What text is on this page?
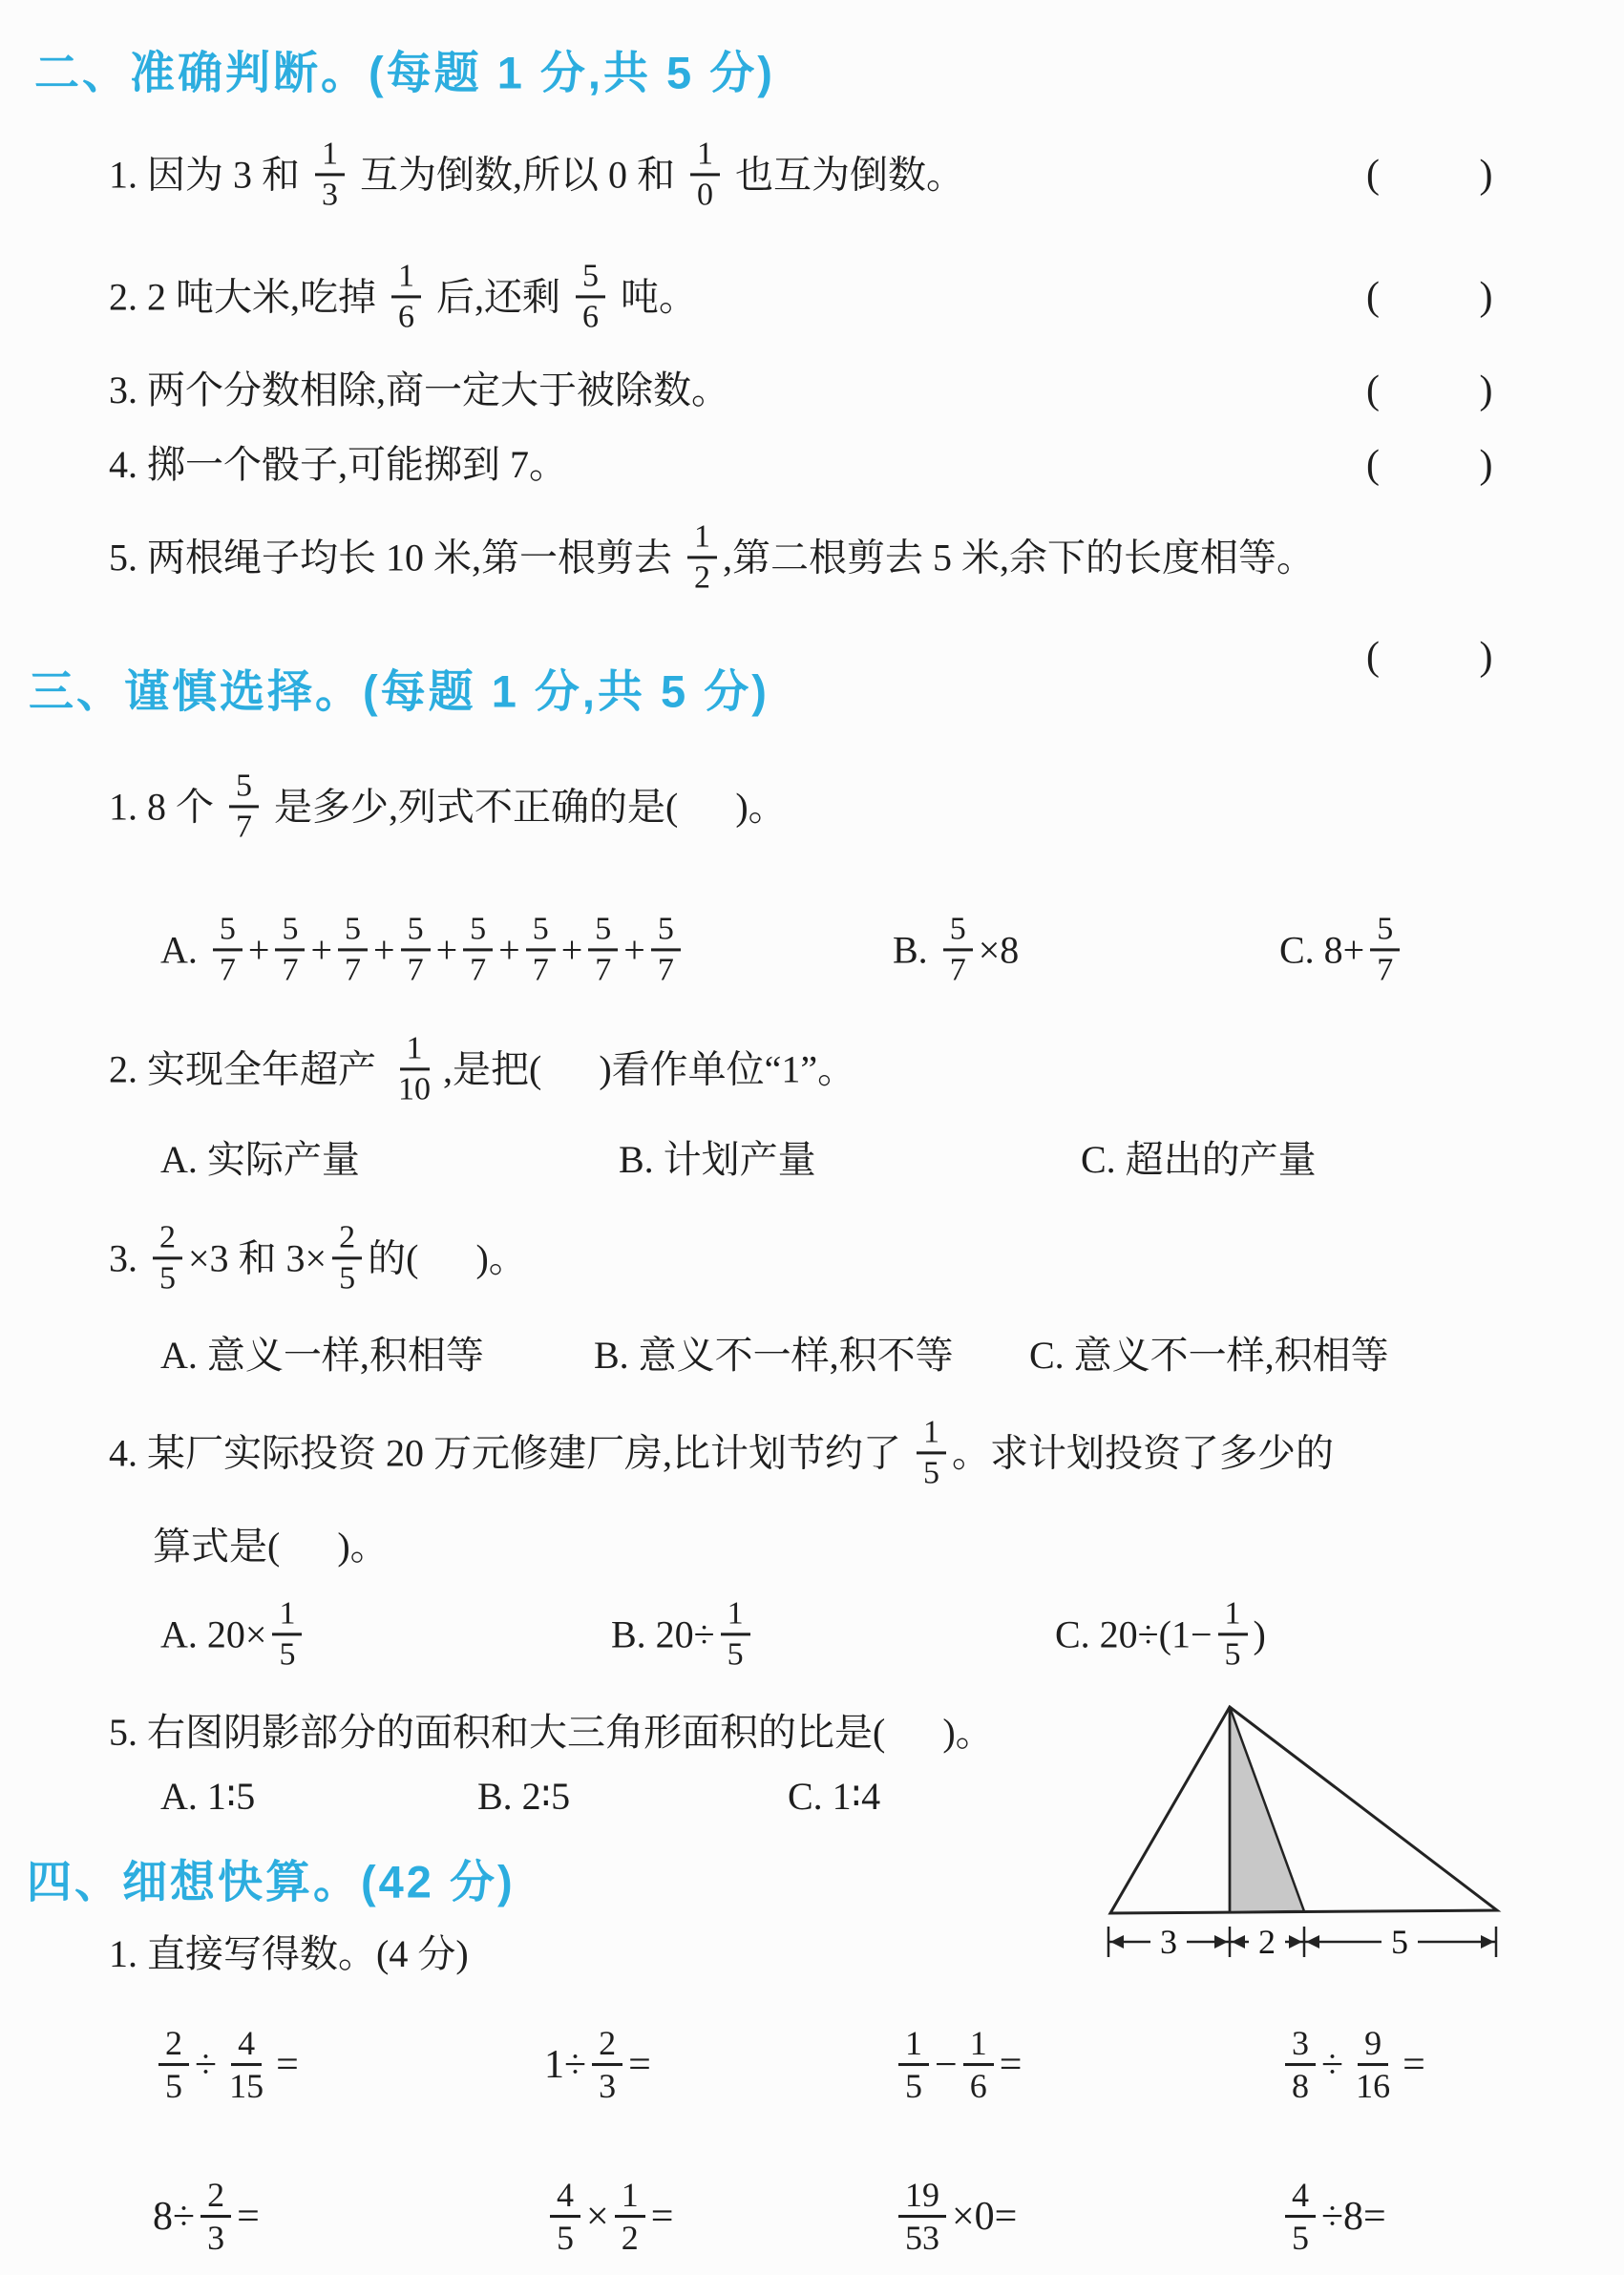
二、准确判断。(每题 1 分,共 5 分)
1. 因为 3 和 $\frac{1}{3}$ 互为倒数,所以 0 和 $\frac{1}{0}$ 也互为倒数。	(         )
2. 2 吨大米,吃掉 $\frac{1}{6}$ 后,还剩 $\frac{5}{6}$ 吨。	(         )
3. 两个分数相除,商一定大于被除数。	(         )
4. 掷一个骰子,可能掷到 7。	(         )
5. 两根绳子均长 10 米,第一根剪去 $\frac{1}{2}$ ,第二根剪去 5 米,余下的长度相等。
(         )
三、谨慎选择。(每题 1 分,共 5 分)
1. 8 个 $\frac{5}{7}$ 是多少,列式不正确的是(      )。
A. $\frac{5}{7} + \frac{5}{7} + \frac{5}{7} + \frac{5}{7} + \frac{5}{7} + \frac{5}{7} + \frac{5}{7} + \frac{5}{7}$	B. $\frac{5}{7} \times 8$	C. $8+ \frac{5}{7}$
2. 实现全年超产 $\frac{1}{10}$ ,是把(      )看作单位“1”。
A. 实际产量	B. 计划产量	C. 超出的产量
3. $\frac{2}{5} \times 3$ 和 $3\times \frac{2}{5}$ 的(      )。
A. 意义一样,积相等	B. 意义不一样,积不等 C. 意义不一样,积相等
4. 某厂实际投资 20 万元修建厂房,比计划节约了 $\frac{1}{5}$ 。求计划投资了多少的
算式是(      )。
A. $20\times \frac{1}{5}$	B. $20\div \frac{1}{5}$	C. $20\div(1- \frac{1}{5}$ )
5. 右图阴影部分的面积和大三角形面积的比是(      )。
A. 1∶5	B. 2∶5	C. 1∶4
3 2	5
四、细想快算。(42 分)
1. 直接写得数。(4 分)
$\frac{2}{5} \div \frac{4}{15}$ =	$1\div \frac{2}{3}$ =	$\frac{1}{5} - \frac{1}{6}$ =	$\frac{3}{8} \div \frac{9}{16}$ =
$8\div \frac{2}{3}$ =	$\frac{4}{5} \times \frac{1}{2}$ =	$\frac{19}{53} \times 0=$	$\frac{4}{5} \div 8=$
